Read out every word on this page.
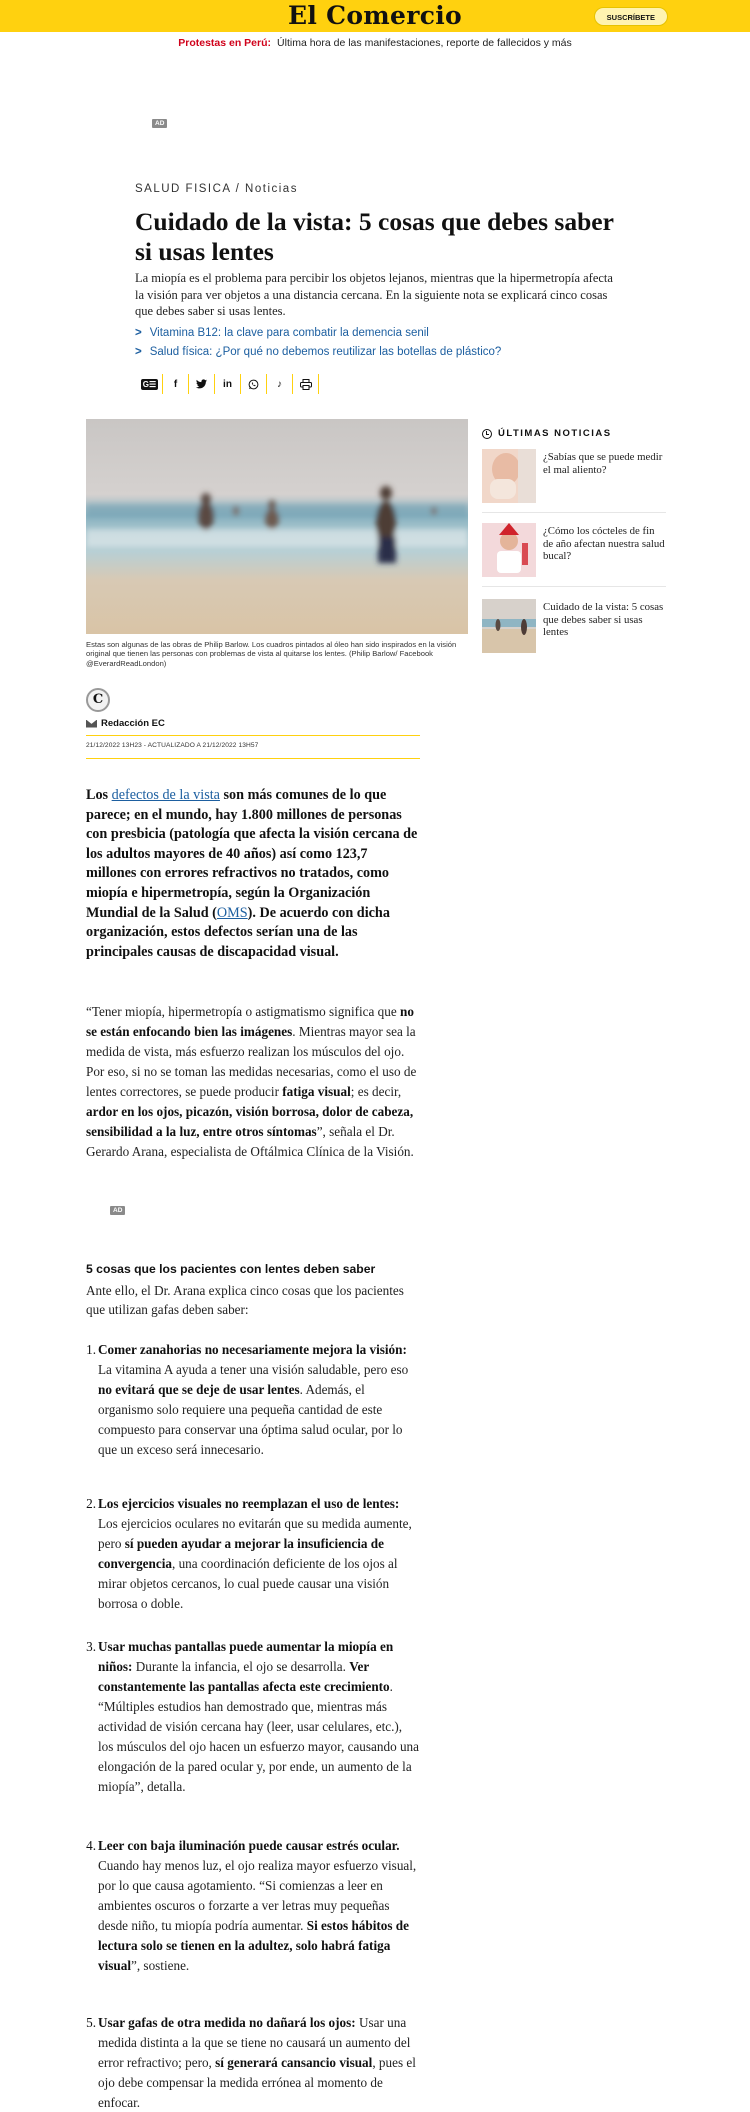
El Comercio	SUSCRÍBETE
Protestas en Perú: Última hora de las manifestaciones, reporte de fallecidos y más
AD
SALUD FISICA / Noticias
Cuidado de la vista: 5 cosas que debes saber si usas lentes

La miopía es el problema para percibir los objetos lejanos, mientras que la hipermetropía afecta la visión para ver objetos a una distancia cercana. En la siguiente nota se explicará cinco cosas que debes saber si usas lentes.

> Vitamina B12: la clave para combatir la demencia senil
> Salud física: ¿Por qué no debemos reutilizar las botellas de plástico?
G☰	f	in	♪

Estas son algunas de las obras de Philip Barlow. Los cuadros pintados al óleo han sido inspirados en la visión original que tienen las personas con problemas de vista al quitarse los lentes. (Philip Barlow/ Facebook @EverardReadLondon)

C
Redacción EC
21/12/2022 13H23 - ACTUALIZADO A 21/12/2022 13H57
ÚLTIMAS NOTICIAS
¿Sabías que se puede medir el mal aliento?
¿Cómo los cócteles de fin de año afectan nuestra salud bucal?
Cuidado de la vista: 5 cosas que debes saber si usas lentes

Los defectos de la vista son más comunes de lo que parece; en el mundo, hay 1.800 millones de personas con presbicia (patología que afecta la visión cercana de los adultos mayores de 40 años) así como 123,7 millones con errores refractivos no tratados, como miopía e hipermetropía, según la Organización Mundial de la Salud (OMS). De acuerdo con dicha organización, estos defectos serían una de las principales causas de discapacidad visual.

“Tener miopía, hipermetropía o astigmatismo significa que no se están enfocando bien las imágenes. Mientras mayor sea la medida de vista, más esfuerzo realizan los músculos del ojo. Por eso, si no se toman las medidas necesarias, como el uso de lentes correctores, se puede producir fatiga visual; es decir, ardor en los ojos, picazón, visión borrosa, dolor de cabeza, sensibilidad a la luz, entre otros síntomas”, señala el Dr. Gerardo Arana, especialista de Oftálmica Clínica de la Visión.

AD
5 cosas que los pacientes con lentes deben saber

Ante ello, el Dr. Arana explica cinco cosas que los pacientes que utilizan gafas deben saber:

1. Comer zanahorias no necesariamente mejora la visión: La vitamina A ayuda a tener una visión saludable, pero eso no evitará que se deje de usar lentes. Además, el organismo solo requiere una pequeña cantidad de este compuesto para conservar una óptima salud ocular, por lo que un exceso será innecesario.
2. Los ejercicios visuales no reemplazan el uso de lentes: Los ejercicios oculares no evitarán que su medida aumente, pero sí pueden ayudar a mejorar la insuficiencia de convergencia, una coordinación deficiente de los ojos al mirar objetos cercanos, lo cual puede causar una visión borrosa o doble.
3. Usar muchas pantallas puede aumentar la miopía en niños: Durante la infancia, el ojo se desarrolla. Ver constantemente las pantallas afecta este crecimiento. “Múltiples estudios han demostrado que, mientras más actividad de visión cercana hay (leer, usar celulares, etc.), los músculos del ojo hacen un esfuerzo mayor, causando una elongación de la pared ocular y, por ende, un aumento de la miopía”, detalla.
4. Leer con baja iluminación puede causar estrés ocular. Cuando hay menos luz, el ojo realiza mayor esfuerzo visual, por lo que causa agotamiento. “Si comienzas a leer en ambientes oscuros o forzarte a ver letras muy pequeñas desde niño, tu miopía podría aumentar. Si estos hábitos de lectura solo se tienen en la adultez, solo habrá fatiga visual”, sostiene.
5. Usar gafas de otra medida no dañará los ojos: Usar una medida distinta a la que se tiene no causará un aumento del error refractivo; pero, sí generará cansancio visual, pues el ojo debe compensar la medida errónea al momento de enfocar.
